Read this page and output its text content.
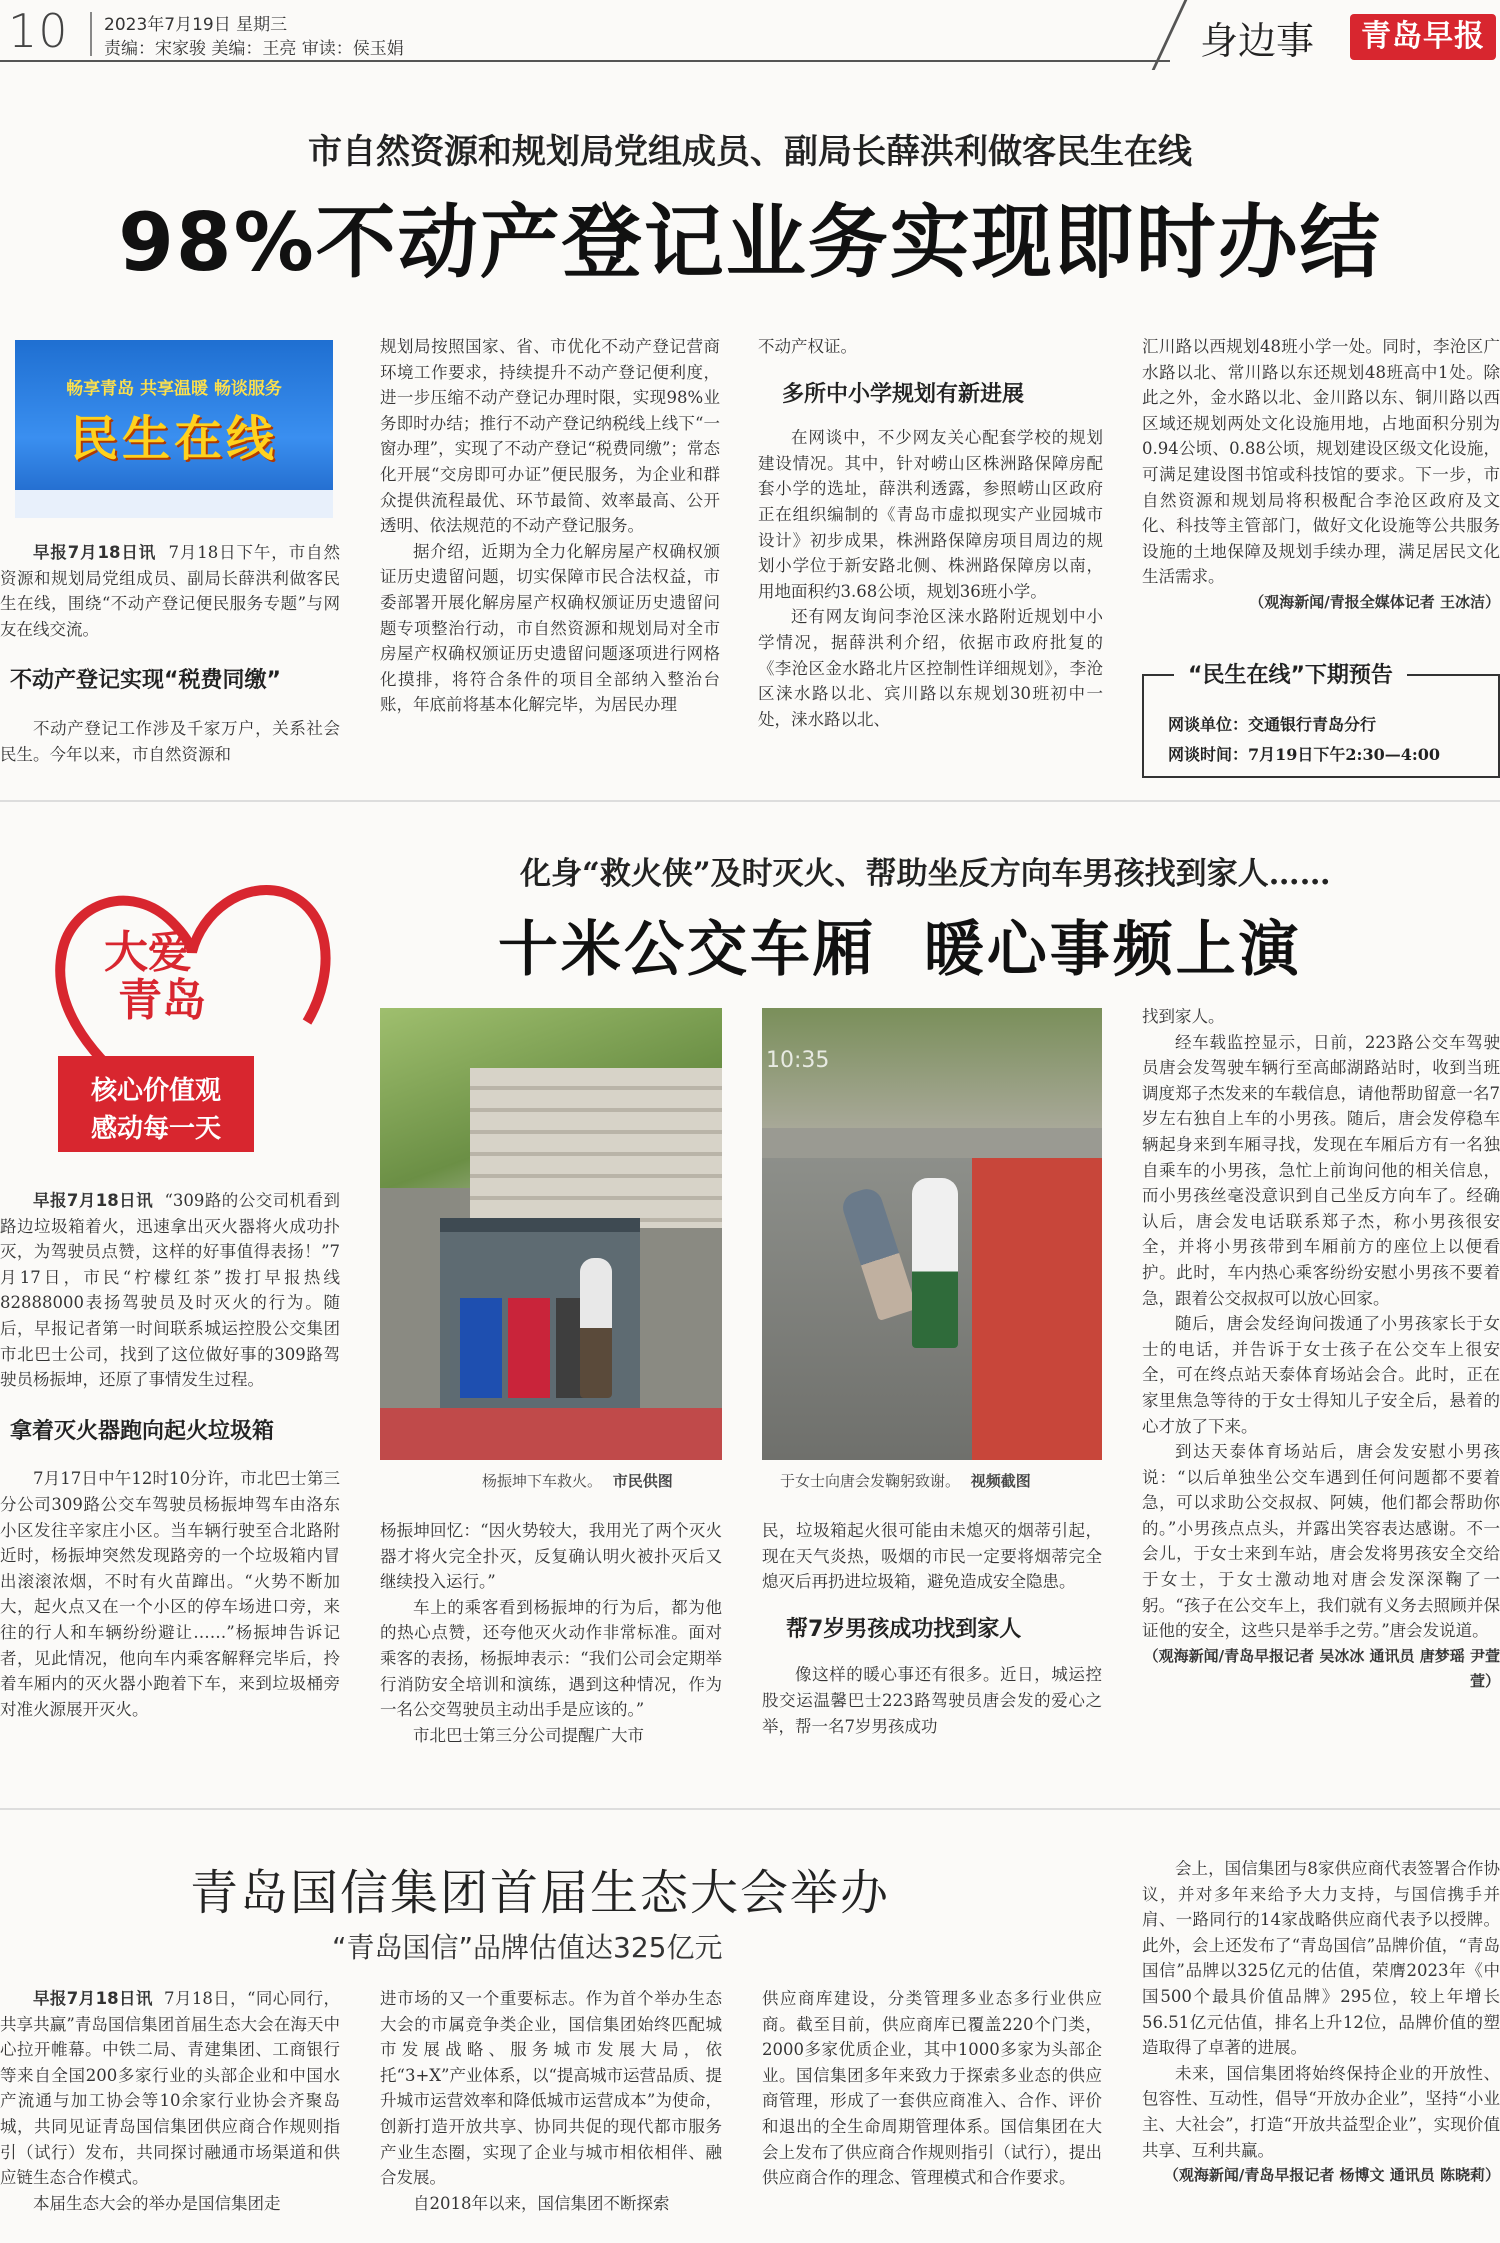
10 2023年7月19日 星期三
责编：宋家骏 美编：王亮 审读：侯玉娟	身边事	青岛早报
市自然资源和规划局党组成员、副局长薛洪利做客民生在线
98%不动产登记业务实现即时办结
畅享青岛 共享温暖 畅谈服务
民生在线

早报7月18日讯 7月18日下午，市自然资源和规划局党组成员、副局长薛洪利做客民生在线，围绕“不动产登记便民服务专题”与网友在线交流。

不动产登记实现“税费同缴”

不动产登记工作涉及千家万户，关系社会民生。今年以来，市自然资源和

规划局按照国家、省、市优化不动产登记营商环境工作要求，持续提升不动产登记便利度，进一步压缩不动产登记办理时限，实现98%业务即时办结；推行不动产登记纳税线上线下“一窗办理”，实现了不动产登记“税费同缴”；常态化开展“交房即可办证”便民服务，为企业和群众提供流程最优、环节最简、效率最高、公开透明、依法规范的不动产登记服务。

据介绍，近期为全力化解房屋产权确权颁证历史遗留问题，切实保障市民合法权益，市委部署开展化解房屋产权确权颁证历史遗留问题专项整治行动，市自然资源和规划局对全市房屋产权确权颁证历史遗留问题逐项进行网格化摸排，将符合条件的项目全部纳入整治台账，年底前将基本化解完毕，为居民办理

不动产权证。

多所中小学规划有新进展

在网谈中，不少网友关心配套学校的规划建设情况。其中，针对崂山区株洲路保障房配套小学的选址，薛洪利透露，参照崂山区政府正在组织编制的《青岛市虚拟现实产业园城市设计》初步成果，株洲路保障房项目周边的规划小学位于新安路北侧、株洲路保障房以南，用地面积约3.68公顷，规划36班小学。

还有网友询问李沧区涞水路附近规划中小学情况，据薛洪利介绍，依据市政府批复的《李沧区金水路北片区控制性详细规划》，李沧区涞水路以北、宾川路以东规划30班初中一处，涞水路以北、

汇川路以西规划48班小学一处。同时，李沧区广水路以北、常川路以东还规划48班高中1处。除此之外，金水路以北、金川路以东、铜川路以西区域还规划两处文化设施用地，占地面积分别为0.94公顷、0.88公顷，规划建设区级文化设施，可满足建设图书馆或科技馆的要求。下一步，市自然资源和规划局将积极配合李沧区政府及文化、科技等主管部门，做好文化设施等公共服务设施的土地保障及规划手续办理，满足居民文化生活需求。

（观海新闻/青报全媒体记者 王冰洁）

“民生在线”下期预告
网谈单位：交通银行青岛分行
网谈时间：7月19日下午2:30—4:00
化身“救火侠”及时灭火、帮助坐反方向车男孩找到家人……
十米公交车厢  暖心事频上演
大爱
青岛
核心价值观
感动每一天

早报7月18日讯 “309路的公交司机看到路边垃圾箱着火，迅速拿出灭火器将火成功扑灭，为驾驶员点赞，这样的好事值得表扬！”7月17日，市民“柠檬红茶”拨打早报热线82888000表扬驾驶员及时灭火的行为。随后，早报记者第一时间联系城运控股公交集团市北巴士公司，找到了这位做好事的309路驾驶员杨振坤，还原了事情发生过程。

拿着灭火器跑向起火垃圾箱

7月17日中午12时10分许，市北巴士第三分公司309路公交车驾驶员杨振坤驾车由洛东小区发往辛家庄小区。当车辆行驶至合北路附近时，杨振坤突然发现路旁的一个垃圾箱内冒出滚滚浓烟，不时有火苗蹿出。“火势不断加大，起火点又在一个小区的停车场进口旁，来往的行人和车辆纷纷避让……”杨振坤告诉记者，见此情况，他向车内乘客解释完毕后，拎着车厢内的灭火器小跑着下车，来到垃圾桶旁对准火源展开灭火。

杨振坤下车救火。 市民供图
10:35
于女士向唐会发鞠躬致谢。 视频截图

杨振坤回忆：“因火势较大，我用光了两个灭火器才将火完全扑灭，反复确认明火被扑灭后又继续投入运行。”

车上的乘客看到杨振坤的行为后，都为他的热心点赞，还夸他灭火动作非常标准。面对乘客的表扬，杨振坤表示：“我们公司会定期举行消防安全培训和演练，遇到这种情况，作为一名公交驾驶员主动出手是应该的。”

市北巴士第三分公司提醒广大市

民，垃圾箱起火很可能由未熄灭的烟蒂引起，现在天气炎热，吸烟的市民一定要将烟蒂完全熄灭后再扔进垃圾箱，避免造成安全隐患。

帮7岁男孩成功找到家人

像这样的暖心事还有很多。近日，城运控股交运温馨巴士223路驾驶员唐会发的爱心之举，帮一名7岁男孩成功

找到家人。

经车载监控显示，日前，223路公交车驾驶员唐会发驾驶车辆行至高邮湖路站时，收到当班调度郑子杰发来的车载信息，请他帮助留意一名7岁左右独自上车的小男孩。随后，唐会发停稳车辆起身来到车厢寻找，发现在车厢后方有一名独自乘车的小男孩，急忙上前询问他的相关信息，而小男孩丝毫没意识到自己坐反方向车了。经确认后，唐会发电话联系郑子杰，称小男孩很安全，并将小男孩带到车厢前方的座位上以便看护。此时，车内热心乘客纷纷安慰小男孩不要着急，跟着公交叔叔可以放心回家。

随后，唐会发经询问拨通了小男孩家长于女士的电话，并告诉于女士孩子在公交车上很安全，可在终点站天泰体育场站会合。此时，正在家里焦急等待的于女士得知儿子安全后，悬着的心才放了下来。

到达天泰体育场站后，唐会发安慰小男孩说：“以后单独坐公交车遇到任何问题都不要着急，可以求助公交叔叔、阿姨，他们都会帮助你的。”小男孩点点头，并露出笑容表达感谢。不一会儿，于女士来到车站，唐会发将男孩安全交给于女士，于女士激动地对唐会发深深鞠了一躬。“孩子在公交车上，我们就有义务去照顾并保证他的安全，这些只是举手之劳。”唐会发说道。

（观海新闻/青岛早报记者 吴冰冰 通讯员 唐梦瑶 尹萱萱）

青岛国信集团首届生态大会举办
“青岛国信”品牌估值达325亿元

早报7月18日讯 7月18日，“同心同行，共享共赢”青岛国信集团首届生态大会在海天中心拉开帷幕。中铁二局、青建集团、工商银行等来自全国200多家行业的头部企业和中国水产流通与加工协会等10余家行业协会齐聚岛城，共同见证青岛国信集团供应商合作规则指引（试行）发布，共同探讨融通市场渠道和供应链生态合作模式。

本届生态大会的举办是国信集团走

进市场的又一个重要标志。作为首个举办生态大会的市属竞争类企业，国信集团始终匹配城市发展战略、服务城市发展大局，依托“3+X”产业体系，以“提高城市运营品质、提升城市运营效率和降低城市运营成本”为使命，创新打造开放共享、协同共促的现代都市服务产业生态圈，实现了企业与城市相依相伴、融合发展。

自2018年以来，国信集团不断探索

供应商库建设，分类管理多业态多行业供应商。截至目前，供应商库已覆盖220个门类，2000多家优质企业，其中1000多家为头部企业。国信集团多年来致力于探索多业态的供应商管理，形成了一套供应商准入、合作、评价和退出的全生命周期管理体系。国信集团在大会上发布了供应商合作规则指引（试行），提出供应商合作的理念、管理模式和合作要求。

会上，国信集团与8家供应商代表签署合作协议，并对多年来给予大力支持，与国信携手并肩、一路同行的14家战略供应商代表予以授牌。此外，会上还发布了“青岛国信”品牌价值，“青岛国信”品牌以325亿元的估值，荣膺2023年《中国500个最具价值品牌》295位，较上年增长56.51亿元估值，排名上升12位，品牌价值的塑造取得了卓著的进展。

未来，国信集团将始终保持企业的开放性、包容性、互动性，倡导“开放办企业”，坚持“小业主、大社会”，打造“开放共益型企业”，实现价值共享、互利共赢。

（观海新闻/青岛早报记者 杨博文 通讯员 陈晓莉）
